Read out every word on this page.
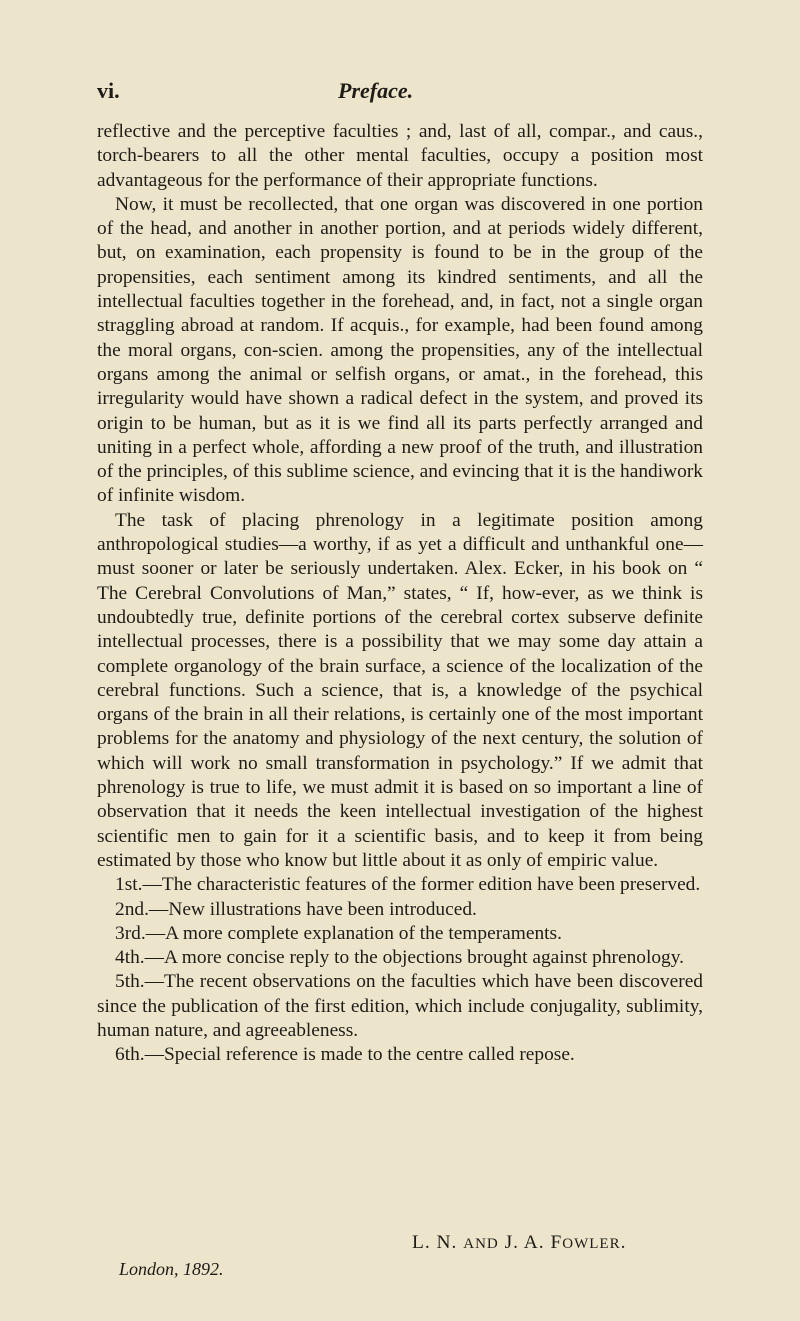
vi.	Preface.

reflective and the perceptive faculties ; and, last of all, compar., and caus., torch-bearers to all the other mental faculties, occupy a position most advantageous for the performance of their appropriate functions.

Now, it must be recollected, that one organ was discovered in one portion of the head, and another in another portion, and at periods widely different, but, on examination, each propensity is found to be in the group of the propensities, each sentiment among its kindred sentiments, and all the intellectual faculties together in the forehead, and, in fact, not a single organ straggling abroad at random. If acquis., for example, had been found among the moral organs, con-scien. among the propensities, any of the intellectual organs among the animal or selfish organs, or amat., in the forehead, this irregularity would have shown a radical defect in the system, and proved its origin to be human, but as it is we find all its parts perfectly arranged and uniting in a perfect whole, affording a new proof of the truth, and illustration of the principles, of this sublime science, and evincing that it is the handiwork of infinite wisdom.

The task of placing phrenology in a legitimate position among anthropological studies—a worthy, if as yet a difficult and unthankful one—must sooner or later be seriously undertaken. Alex. Ecker, in his book on “ The Cerebral Convolutions of Man,” states, “ If, how-ever, as we think is undoubtedly true, definite portions of the cerebral cortex subserve definite intellectual processes, there is a possibility that we may some day attain a complete organology of the brain surface, a science of the localization of the cerebral functions. Such a science, that is, a knowledge of the psychical organs of the brain in all their relations, is certainly one of the most important problems for the anatomy and physiology of the next century, the solution of which will work no small transformation in psychology.” If we admit that phrenology is true to life, we must admit it is based on so important a line of observation that it needs the keen intellectual investigation of the highest scientific men to gain for it a scientific basis, and to keep it from being estimated by those who know but little about it as only of empiric value.

1st.—The characteristic features of the former edition have been preserved.

2nd.—New illustrations have been introduced.

3rd.—A more complete explanation of the temperaments.

4th.—A more concise reply to the objections brought against phrenology.

5th.—The recent observations on the faculties which have been discovered since the publication of the first edition, which include conjugality, sublimity, human nature, and agreeableness.

6th.—Special reference is made to the centre called repose.

L. N. AND J. A. FOWLER.
London, 1892.
